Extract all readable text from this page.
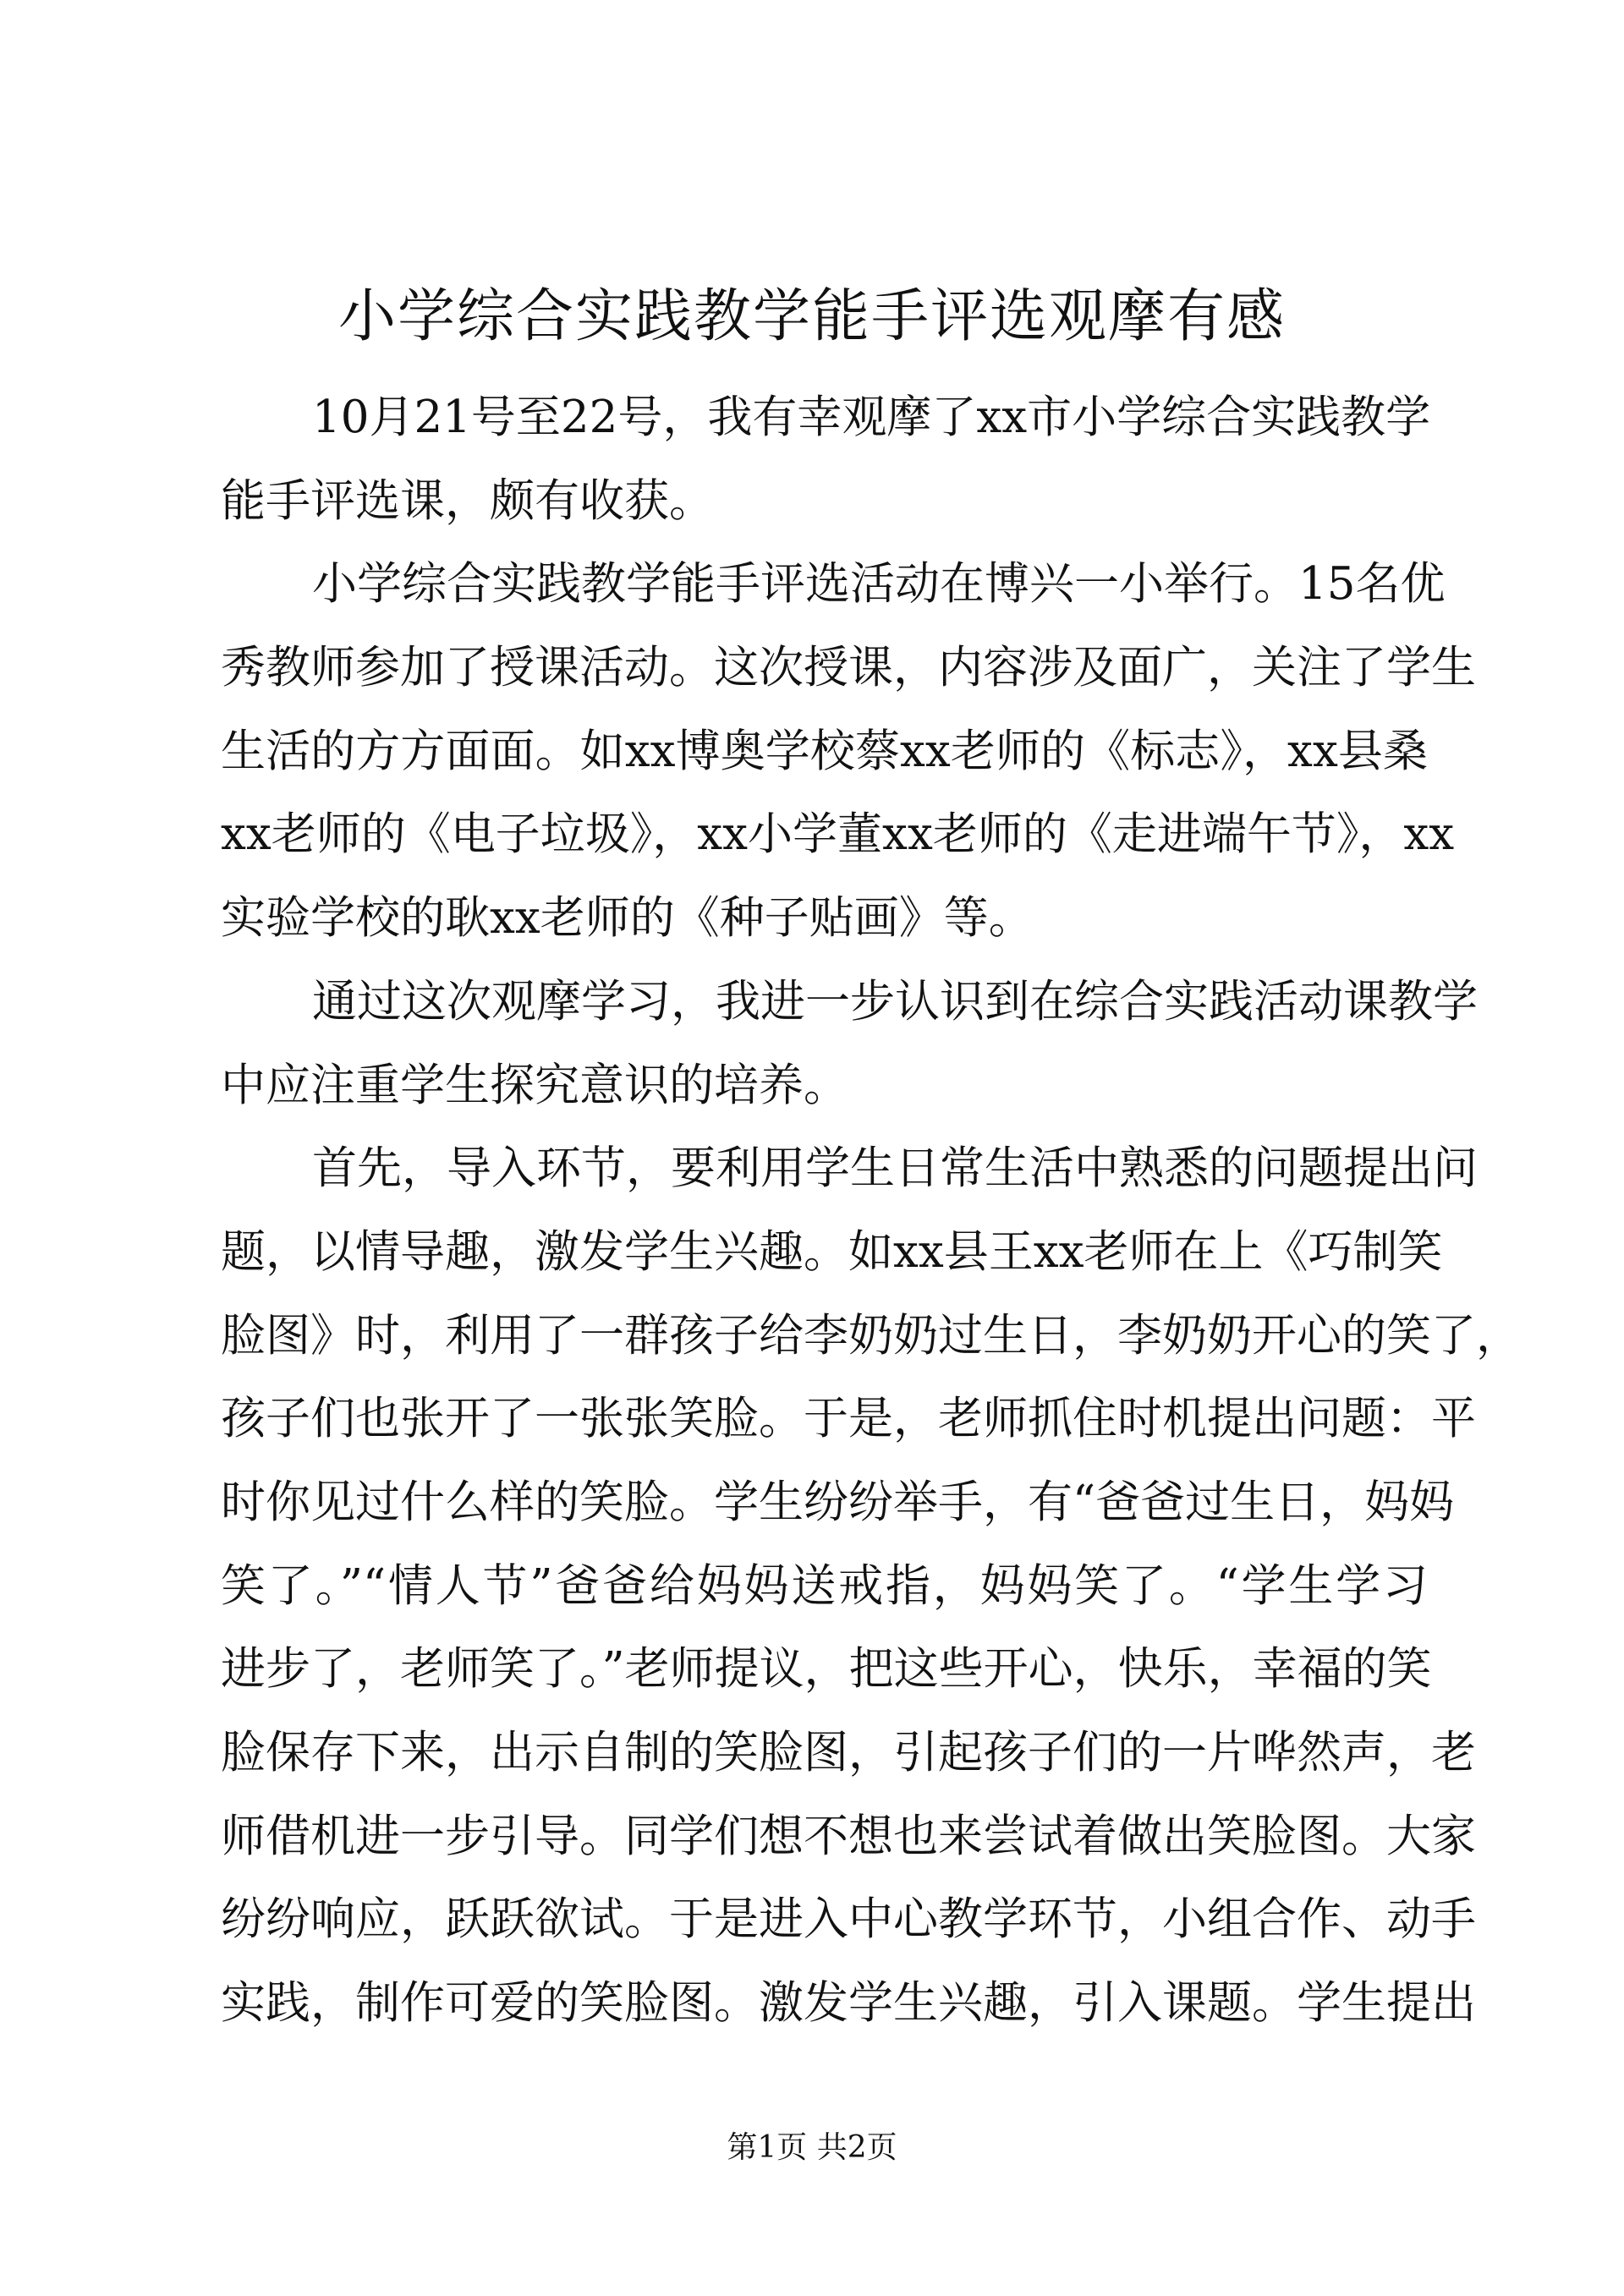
小学综合实践教学能手评选观摩有感
10月21号至22号，我有幸观摩了xx市小学综合实践教学
能手评选课，颇有收获。
小学综合实践教学能手评选活动在博兴一小举行。15名优
秀教师参加了授课活动。这次授课，内容涉及面广，关注了学生
生活的方方面面。如xx博奥学校蔡xx老师的《标志》，xx县桑
xx老师的《电子垃圾》，xx小学董xx老师的《走进端午节》，xx
实验学校的耿xx老师的《种子贴画》等。
通过这次观摩学习，我进一步认识到在综合实践活动课教学
中应注重学生探究意识的培养。
首先，导入环节，要利用学生日常生活中熟悉的问题提出问
题，以情导趣，激发学生兴趣。如xx县王xx老师在上《巧制笑
脸图》时，利用了一群孩子给李奶奶过生日，李奶奶开心的笑了，
孩子们也张开了一张张笑脸。于是，老师抓住时机提出问题：平
时你见过什么样的笑脸。学生纷纷举手，有“爸爸过生日，妈妈
笑了。”“情人节”爸爸给妈妈送戒指，妈妈笑了。“学生学习
进步了，老师笑了。”老师提议，把这些开心，快乐，幸福的笑
脸保存下来，出示自制的笑脸图，引起孩子们的一片哗然声，老
师借机进一步引导。同学们想不想也来尝试着做出笑脸图。大家
纷纷响应，跃跃欲试。于是进入中心教学环节，小组合作、动手
实践，制作可爱的笑脸图。激发学生兴趣，引入课题。学生提出
第1页 共2页
